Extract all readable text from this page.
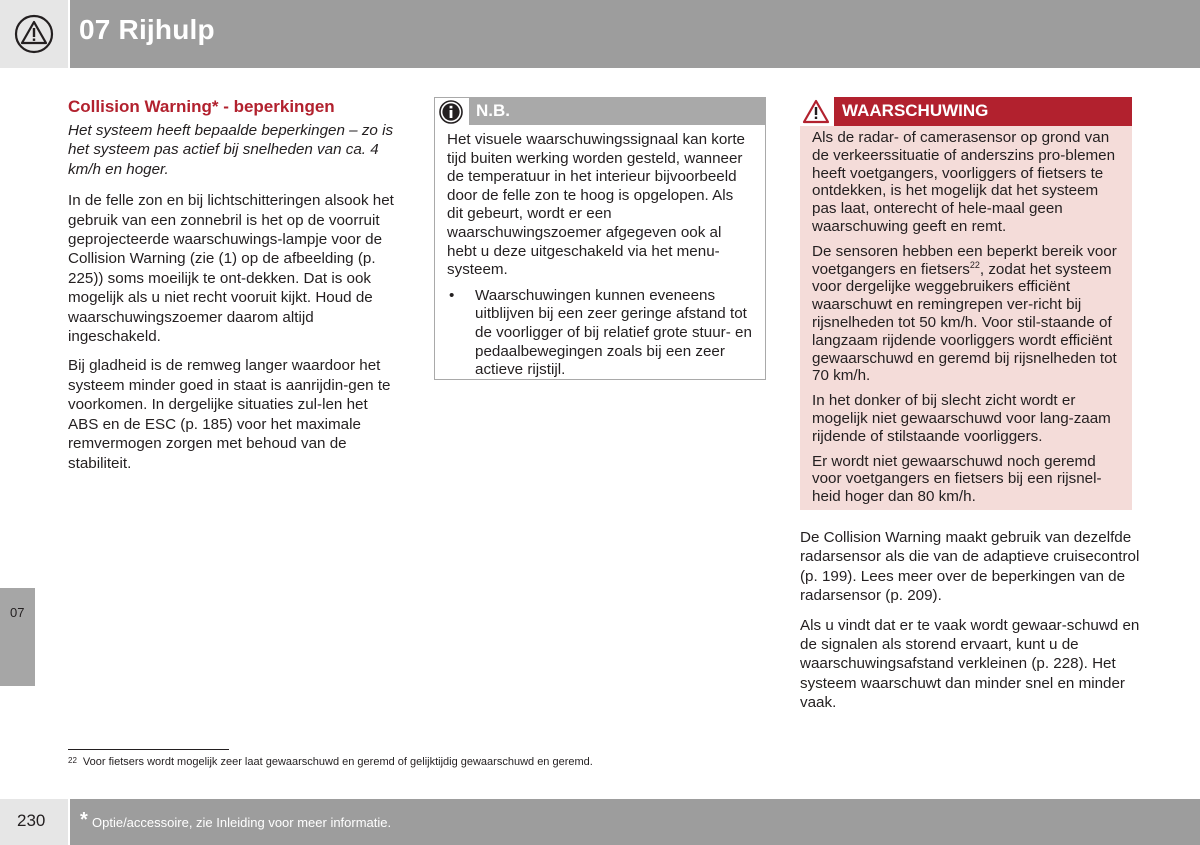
07 Rijhulp
07
Collision Warning* - beperkingen
Het systeem heeft bepaalde beperkingen – zo is het systeem pas actief bij snelheden van ca. 4 km/h en hoger.
In de felle zon en bij lichtschitteringen alsook het gebruik van een zonnebril is het op de voorruit geprojecteerde waarschuwings-lampje voor de Collision Warning (zie (1) op de afbeelding (p. 225)) soms moeilijk te ont-dekken. Dat is ook mogelijk als u niet recht vooruit kijkt. Houd de waarschuwingszoemer daarom altijd ingeschakeld.
Bij gladheid is de remweg langer waardoor het systeem minder goed in staat is aanrijdin-gen te voorkomen. In dergelijke situaties zul-len het ABS en de ESC (p. 185) voor het maximale remvermogen zorgen met behoud van de stabiliteit.
N.B.
Het visuele waarschuwingssignaal kan korte tijd buiten werking worden gesteld, wanneer de temperatuur in het interieur bijvoorbeeld door de felle zon te hoog is opgelopen. Als dit gebeurt, wordt er een waarschuwingszoemer afgegeven ook al hebt u deze uitgeschakeld via het menu-systeem.
•	Waarschuwingen kunnen eveneens uitblijven bij een zeer geringe afstand tot de voorligger of bij relatief grote stuur- en pedaalbewegingen zoals bij een zeer actieve rijstijl.
WAARSCHUWING
Als de radar- of camerasensor op grond van de verkeerssituatie of anderszins pro-blemen heeft voetgangers, voorliggers of fietsers te ontdekken, is het mogelijk dat het systeem pas laat, onterecht of hele-maal geen waarschuwing geeft en remt.
De sensoren hebben een beperkt bereik voor voetgangers en fietsers$^{22}$, zodat het systeem voor dergelijke weggebruikers efficiënt waarschuwt en remingrepen ver-richt bij rijsnelheden tot 50 km/h. Voor stil-staande of langzaam rijdende voorliggers wordt efficiënt gewaarschuwd en geremd bij rijsnelheden tot 70 km/h.
In het donker of bij slecht zicht wordt er mogelijk niet gewaarschuwd voor lang-zaam rijdende of stilstaande voorliggers.
Er wordt niet gewaarschuwd noch geremd voor voetgangers en fietsers bij een rijsnel-heid hoger dan 80 km/h.
De Collision Warning maakt gebruik van dezelfde radarsensor als die van de adaptieve cruisecontrol (p. 199). Lees meer over de beperkingen van de radarsensor (p. 209).
Als u vindt dat er te vaak wordt gewaar-schuwd en de signalen als storend ervaart, kunt u de waarschuwingsafstand verkleinen (p. 228). Het systeem waarschuwt dan minder snel en minder vaak.
$^{22}$ Voor fietsers wordt mogelijk zeer laat gewaarschuwd en geremd of gelijktijdig gewaarschuwd en geremd.
230 * Optie/accessoire, zie Inleiding voor meer informatie.
